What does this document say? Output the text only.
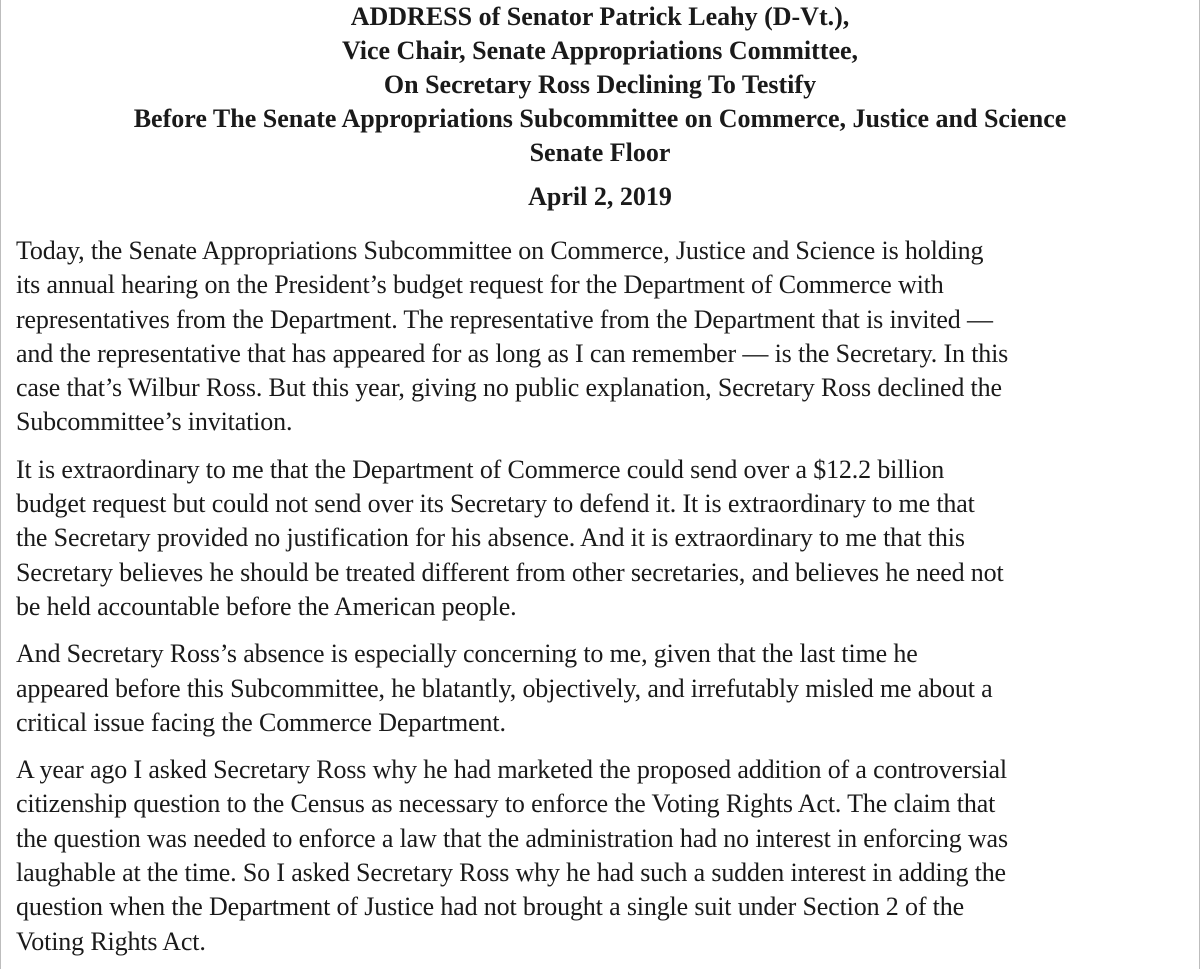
ADDRESS of Senator Patrick Leahy (D-Vt.),
Vice Chair, Senate Appropriations Committee,
On Secretary Ross Declining To Testify
Before The Senate Appropriations Subcommittee on Commerce, Justice and Science
Senate Floor
April 2, 2019

Today, the Senate Appropriations Subcommittee on Commerce, Justice and Science is holding
its annual hearing on the President’s budget request for the Department of Commerce with
representatives from the Department. The representative from the Department that is invited —
and the representative that has appeared for as long as I can remember — is the Secretary. In this
case that’s Wilbur Ross. But this year, giving no public explanation, Secretary Ross declined the
Subcommittee’s invitation.

It is extraordinary to me that the Department of Commerce could send over a $12.2 billion
budget request but could not send over its Secretary to defend it. It is extraordinary to me that
the Secretary provided no justification for his absence. And it is extraordinary to me that this
Secretary believes he should be treated different from other secretaries, and believes he need not
be held accountable before the American people.

And Secretary Ross’s absence is especially concerning to me, given that the last time he
appeared before this Subcommittee, he blatantly, objectively, and irrefutably misled me about a
critical issue facing the Commerce Department.

A year ago I asked Secretary Ross why he had marketed the proposed addition of a controversial
citizenship question to the Census as necessary to enforce the Voting Rights Act. The claim that
the question was needed to enforce a law that the administration had no interest in enforcing was
laughable at the time. So I asked Secretary Ross why he had such a sudden interest in adding the
question when the Department of Justice had not brought a single suit under Section 2 of the
Voting Rights Act.
